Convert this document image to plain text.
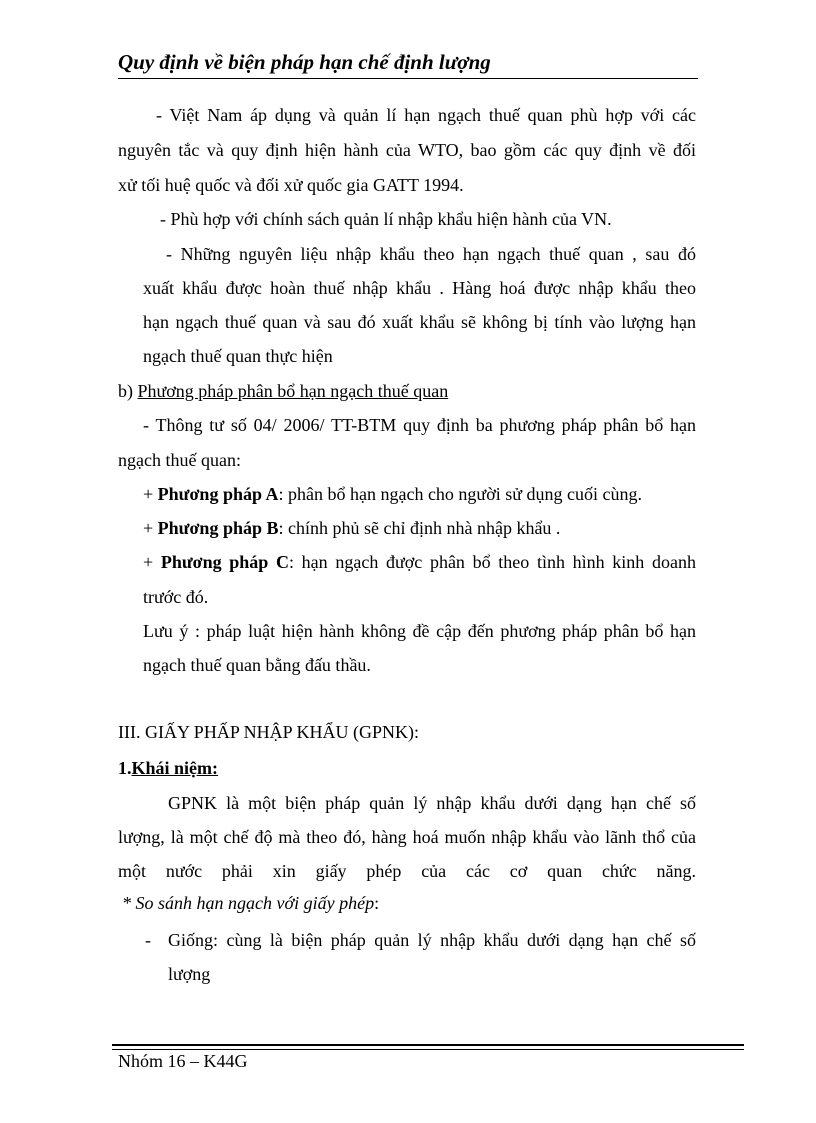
Quy định về biện pháp hạn chế định lượng
- Việt Nam áp dụng và quản lí hạn ngạch thuế quan phù hợp với các
nguyên tắc và quy định hiện hành của WTO, bao gồm các quy định về đối
xử tối huệ quốc và đối xử quốc gia GATT 1994.
- Phù hợp với chính sách quản lí nhập khẩu hiện hành của VN.
- Những nguyên liệu nhập khẩu theo hạn ngạch thuế quan , sau đó
xuất khẩu được hoàn thuế nhập khẩu . Hàng hoá được nhập khẩu theo
hạn ngạch thuế quan và sau đó xuất khẩu sẽ không bị tính vào lượng hạn
ngạch thuế quan thực hiện
b) Phương pháp phân bổ hạn ngạch thuế quan
- Thông tư số 04/ 2006/ TT-BTM quy định ba phương pháp phân bổ hạn
ngạch thuế quan:
+ Phương pháp A: phân bổ hạn ngạch cho người sử dụng cuối cùng.
+ Phương pháp B: chính phủ sẽ chỉ định nhà nhập khẩu .
+ Phương pháp C: hạn ngạch được phân bổ theo tình hình kinh doanh
trước đó.
Lưu ý : pháp luật hiện hành không đề cập đến phương pháp phân bổ hạn
ngạch thuế quan bằng đấu thầu.
III. GIẤY PHẤP NHẬP KHẨU (GPNK):
1.Khái niệm:
GPNK là một biện pháp quản lý nhập khẩu dưới dạng hạn chế số
lượng, là một chế độ mà theo đó, hàng hoá muốn nhập khẩu vào lãnh thổ của
một nước phải xin giấy phép của các cơ quan chức năng.
* So sánh hạn ngạch với giấy phép:
- Giống: cùng là biện pháp quản lý nhập khẩu dưới dạng hạn chế số
lượng
Nhóm 16 – K44G
